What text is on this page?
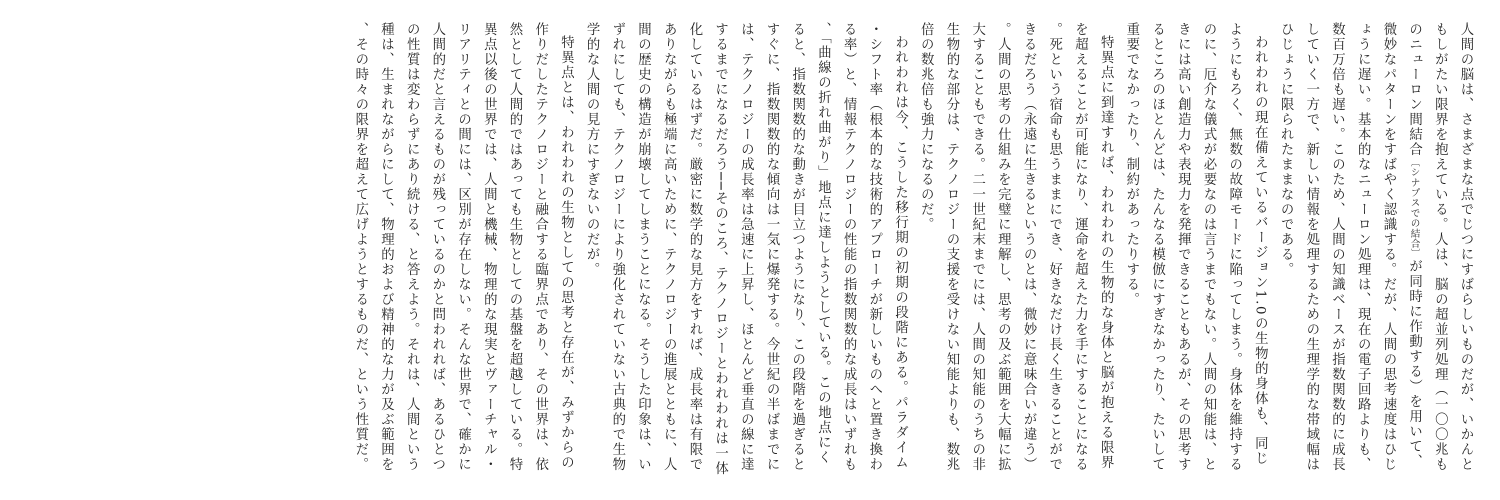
人間の脳は、さまざまな点でじつにすばらしいものだが、いかんともしがたい限界を抱えている。人は、脳の超並列処理（一〇〇兆ものニューロン間結合〔シナプスでの結合〕が同時に作動する）を用いて、微妙なパターンをすばやく認識する。だが、人間の思考速度はひじょうに遅い。基本的なニューロン処理は、現在の電子回路よりも、数百万倍も遅い。このため、人間の知識ベースが指数関数的に成長していく一方で、新しい情報を処理するための生理学的な帯域幅はひじょうに限られたままなのである。

われわれの現在備えているバージョン1.0の生物的身体も、同じようにもろく、無数の故障モードに陥ってしまう。身体を維持するのに、厄介な儀式が必要なのは言うまでもない。人間の知能は、ときには高い創造力や表現力を発揮できることもあるが、その思考するところのほとんどは、たんなる模倣にすぎなかったり、たいして重要でなかったり、制約があったりする。

特異点に到達すれば、われわれの生物的な身体と脳が抱える限界を超えることが可能になり、運命を超えた力を手にすることになる。死という宿命も思うままにでき、好きなだけ長く生きることができるだろう（永遠に生きるというのとは、微妙に意味合いが違う）。人間の思考の仕組みを完璧に理解し、思考の及ぶ範囲を大幅に拡大することもできる。二一世紀末までには、人間の知能のうちの非生物的な部分は、テクノロジーの支援を受けない知能よりも、数兆倍の数兆倍も強力になるのだ。

われわれは今、こうした移行期の初期の段階にある。パラダイム・シフト率（根本的な技術的アプローチが新しいものへと置き換わる率）と、情報テクノロジーの性能の指数関数的な成長はいずれも、「曲線の折れ曲がり」地点に達しようとしている。この地点にくると、指数関数的な動きが目立つようになり、この段階を過ぎるとすぐに、指数関数的な傾向は一気に爆発する。今世紀の半ばまでには、テクノロジーの成長率は急速に上昇し、ほとんど垂直の線に達するまでになるだろう──そのころ、テクノロジーとわれわれは一体化しているはずだ。厳密に数学的な見方をすれば、成長率は有限でありながらも極端に高いために、テクノロジーの進展とともに、人間の歴史の構造が崩壊してしまうことになる。そうした印象は、いずれにしても、テクノロジーにより強化されていない古典的で生物学的な人間の見方にすぎないのだが。

特異点とは、われわれの生物としての思考と存在が、みずからの作りだしたテクノロジーと融合する臨界点であり、その世界は、依然として人間的ではあっても生物としての基盤を超越している。特異点以後の世界では、人間と機械、物理的な現実とヴァーチャル・リアリティとの間には、区別が存在しない。そんな世界で、確かに人間的だと言えるものが残っているのかと問われれば、あるひとつの性質は変わらずにあり続ける、と答えよう。それは、人間という種は、生まれながらにして、物理的および精神的な力が及ぶ範囲を、その時々の限界を超えて広げようとするものだ、という性質だ。
